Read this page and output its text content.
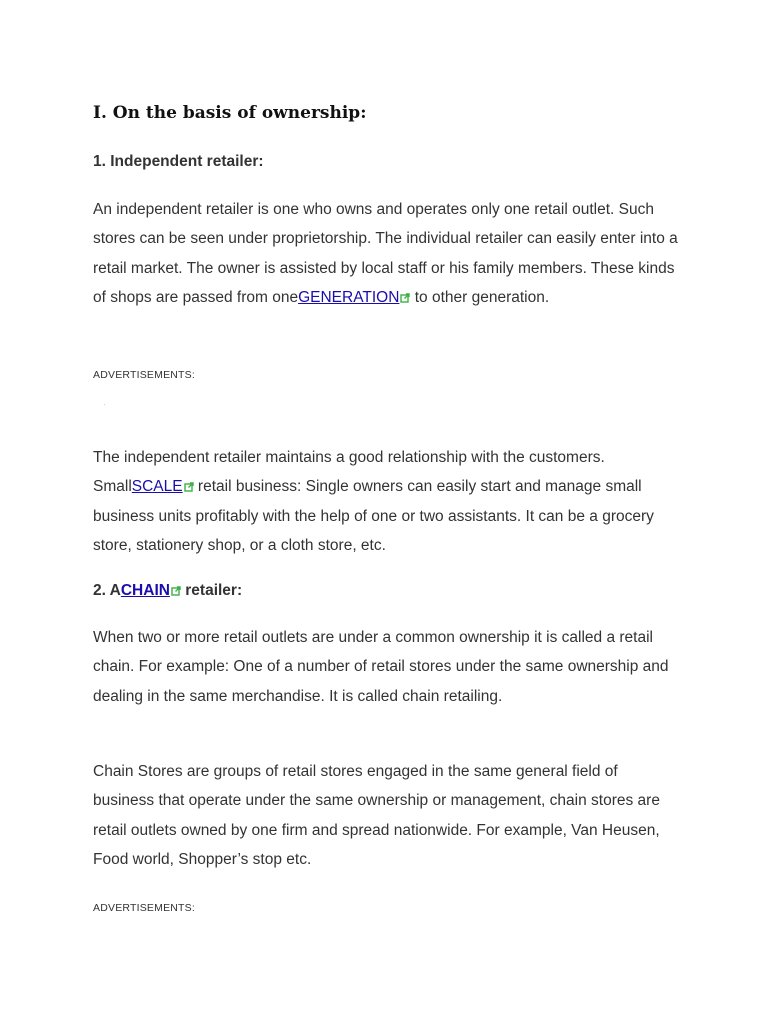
I. On the basis of ownership:
1. Independent retailer:

An independent retailer is one who owns and operates only one retail outlet. Such stores can be seen under proprietorship. The individual retailer can easily enter into a retail market. The owner is assisted by local staff or his family members. These kinds of shops are passed from oneGENERATION to other generation.

ADVERTISEMENTS:

The independent retailer maintains a good relationship with the customers. SmallSCALE retail business: Single owners can easily start and manage small business units profitably with the help of one or two assistants. It can be a grocery store, stationery shop, or a cloth store, etc.

2. ACHAIN retailer:

When two or more retail outlets are under a common ownership it is called a retail chain. For example: One of a number of retail stores under the same ownership and dealing in the same merchandise. It is called chain retailing.

Chain Stores are groups of retail stores engaged in the same general field of business that operate under the same ownership or management, chain stores are retail outlets owned by one firm and spread nationwide. For example, Van Heusen, Food world, Shopper’s stop etc.

ADVERTISEMENTS:
